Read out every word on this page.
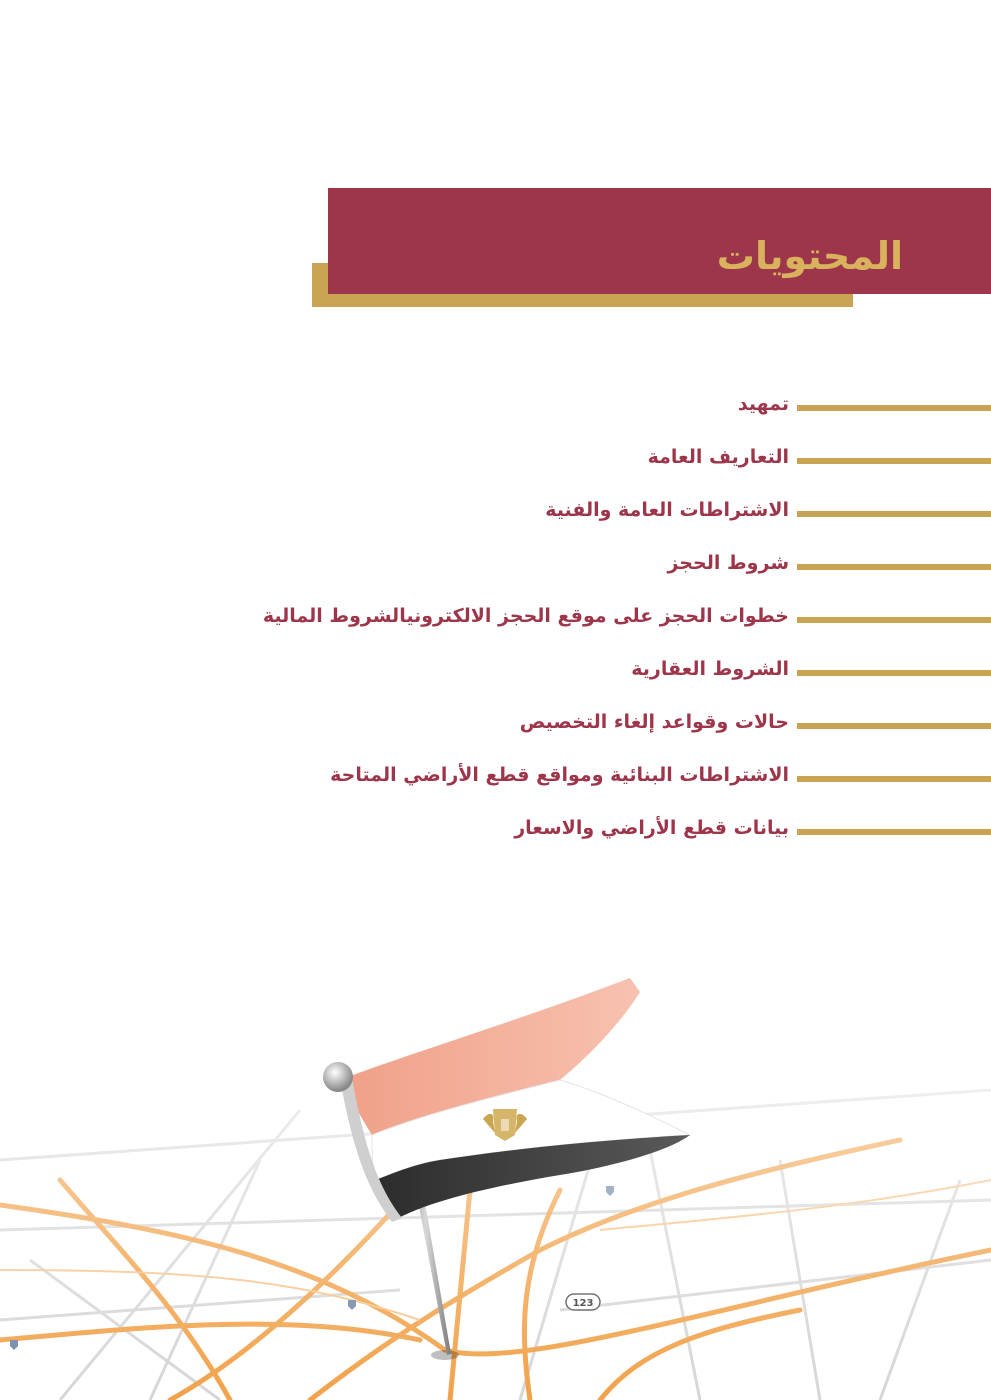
المحتويات
تمهيد
التعاريف العامة
الاشتراطات العامة والفنية
شروط الحجز
خطوات الحجز على موقع الحجز الالكترونيالشروط المالية
الشروط العقارية
حالات وقواعد إلغاء التخصيص
الاشتراطات البنائية ومواقع قطع الأراضي المتاحة
بيانات قطع الأراضي والاسعار
